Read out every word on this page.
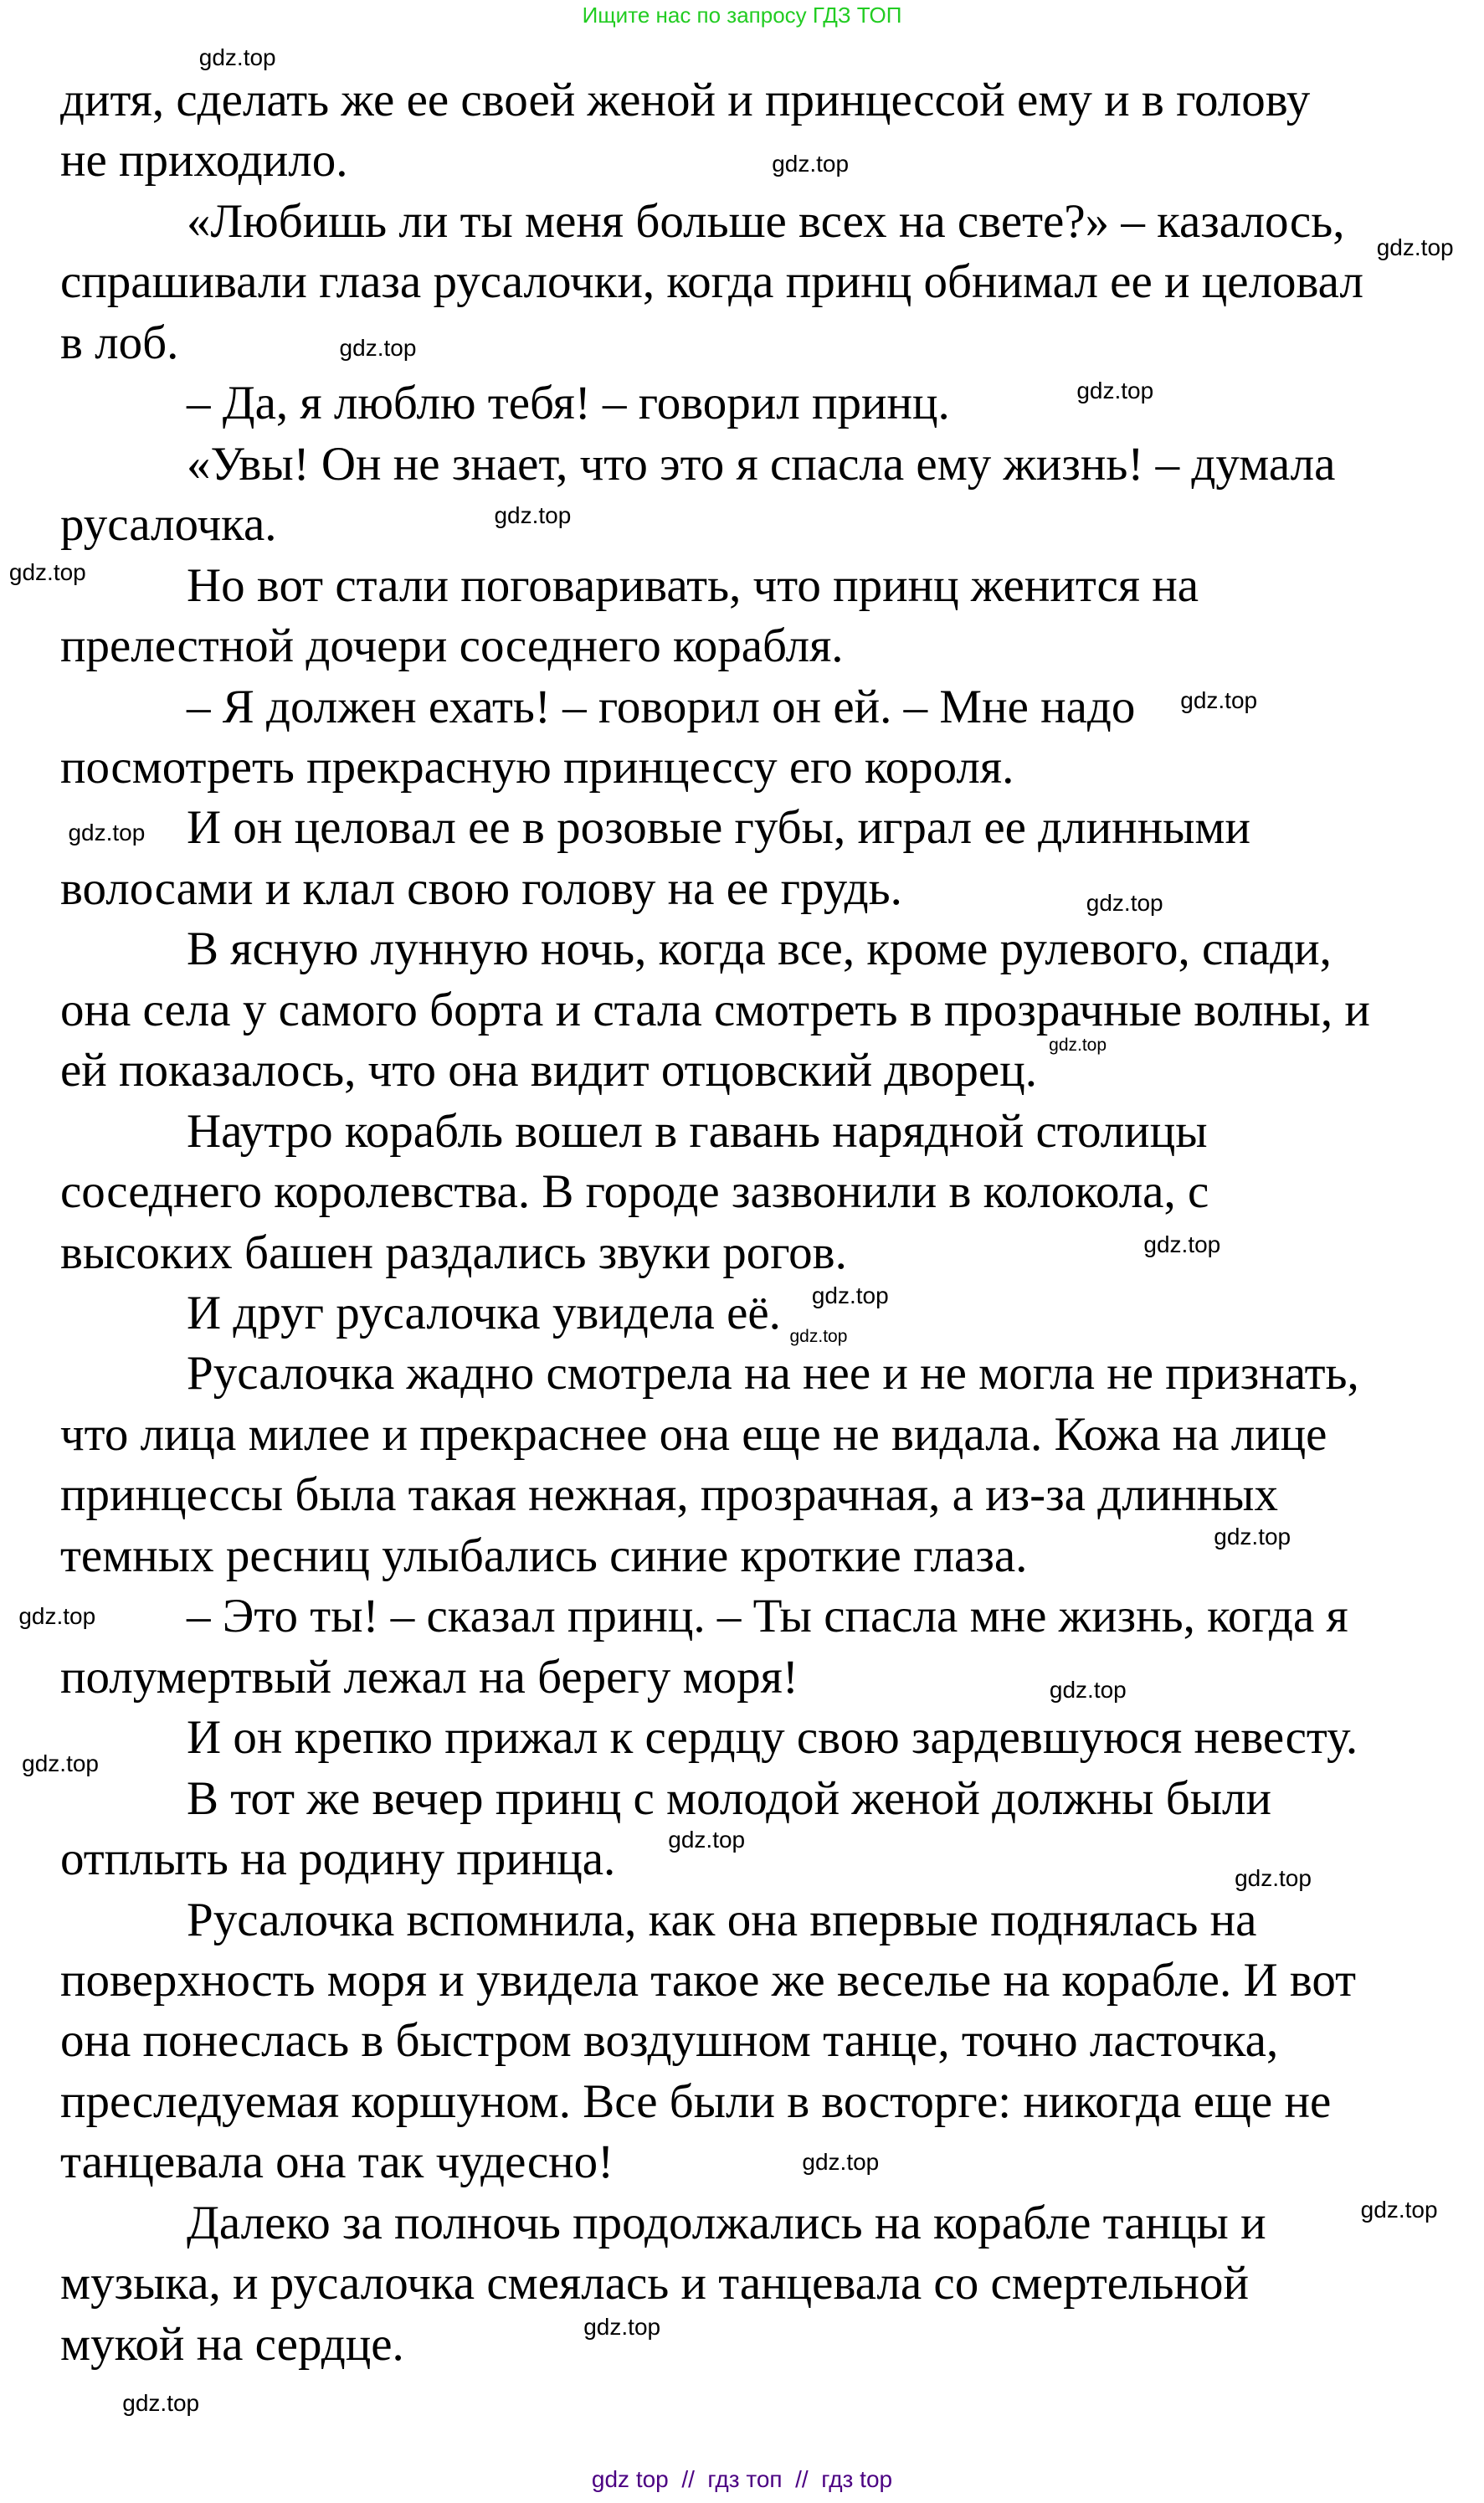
Ищите нас по запросу ГДЗ ТОП
дитя, сделать же ее своей женой и принцессой ему и в голову
не приходило.
«Любишь ли ты меня больше всех на свете?» – казалось,
спрашивали глаза русалочки, когда принц обнимал ее и целовал
в лоб.
– Да, я люблю тебя! – говорил принц.
«Увы! Он не знает, что это я спасла ему жизнь! – думала
русалочка.
Но вот стали поговаривать, что принц женится на
прелестной дочери соседнего корабля.
– Я должен ехать! – говорил он ей. – Мне надо
посмотреть прекрасную принцессу его короля.
И он целовал ее в розовые губы, играл ее длинными
волосами и клал свою голову на ее грудь.
В ясную лунную ночь, когда все, кроме рулевого, спади,
она села у самого борта и стала смотреть в прозрачные волны, и
ей показалось, что она видит отцовский дворец.
Наутро корабль вошел в гавань нарядной столицы
соседнего королевства. В городе зазвонили в колокола, с
высоких башен раздались звуки рогов.
И друг русалочка увидела её.
Русалочка жадно смотрела на нее и не могла не признать,
что лица милее и прекраснее она еще не видала. Кожа на лице
принцессы была такая нежная, прозрачная, а из-за длинных
темных ресниц улыбались синие кроткие глаза.
– Это ты! – сказал принц. – Ты спасла мне жизнь, когда я
полумертвый лежал на берегу моря!
И он крепко прижал к сердцу свою зардевшуюся невесту.
В тот же вечер принц с молодой женой должны были
отплыть на родину принца.
Русалочка вспомнила, как она впервые поднялась на
поверхность моря и увидела такое же веселье на корабле. И вот
она понеслась в быстром воздушном танце, точно ласточка,
преследуемая коршуном. Все были в восторге: никогда еще не
танцевала она так чудесно!
Далеко за полночь продолжались на корабле танцы и
музыка, и русалочка смеялась и танцевала со смертельной
мукой на сердце.
gdz.top
gdz.top
gdz.top
gdz.top
gdz.top
gdz.top
gdz.top
gdz.top
gdz.top
gdz.top
gdz.top
gdz.top
gdz.top
gdz.top
gdz.top
gdz.top
gdz.top
gdz.top
gdz.top
gdz.top
gdz.top
gdz.top
gdz.top
gdz.top
gdz top  //  гдз топ  //  гдз top
